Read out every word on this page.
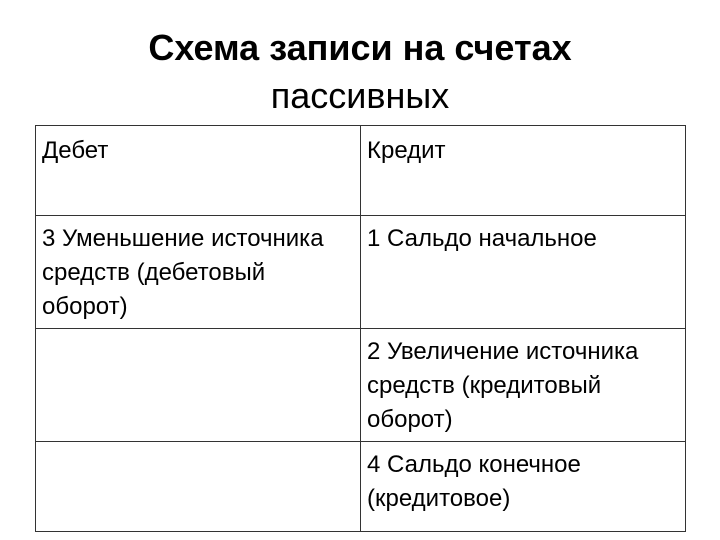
Схема записи на счетах
пассивных
Дебет	Кредит

3 Уменьшение источника средств (дебетовый оборот)	1 Сальдо начальное

	2 Увеличение источника средств (кредитовый оборот)

	4 Сальдо конечное (кредитовое)
